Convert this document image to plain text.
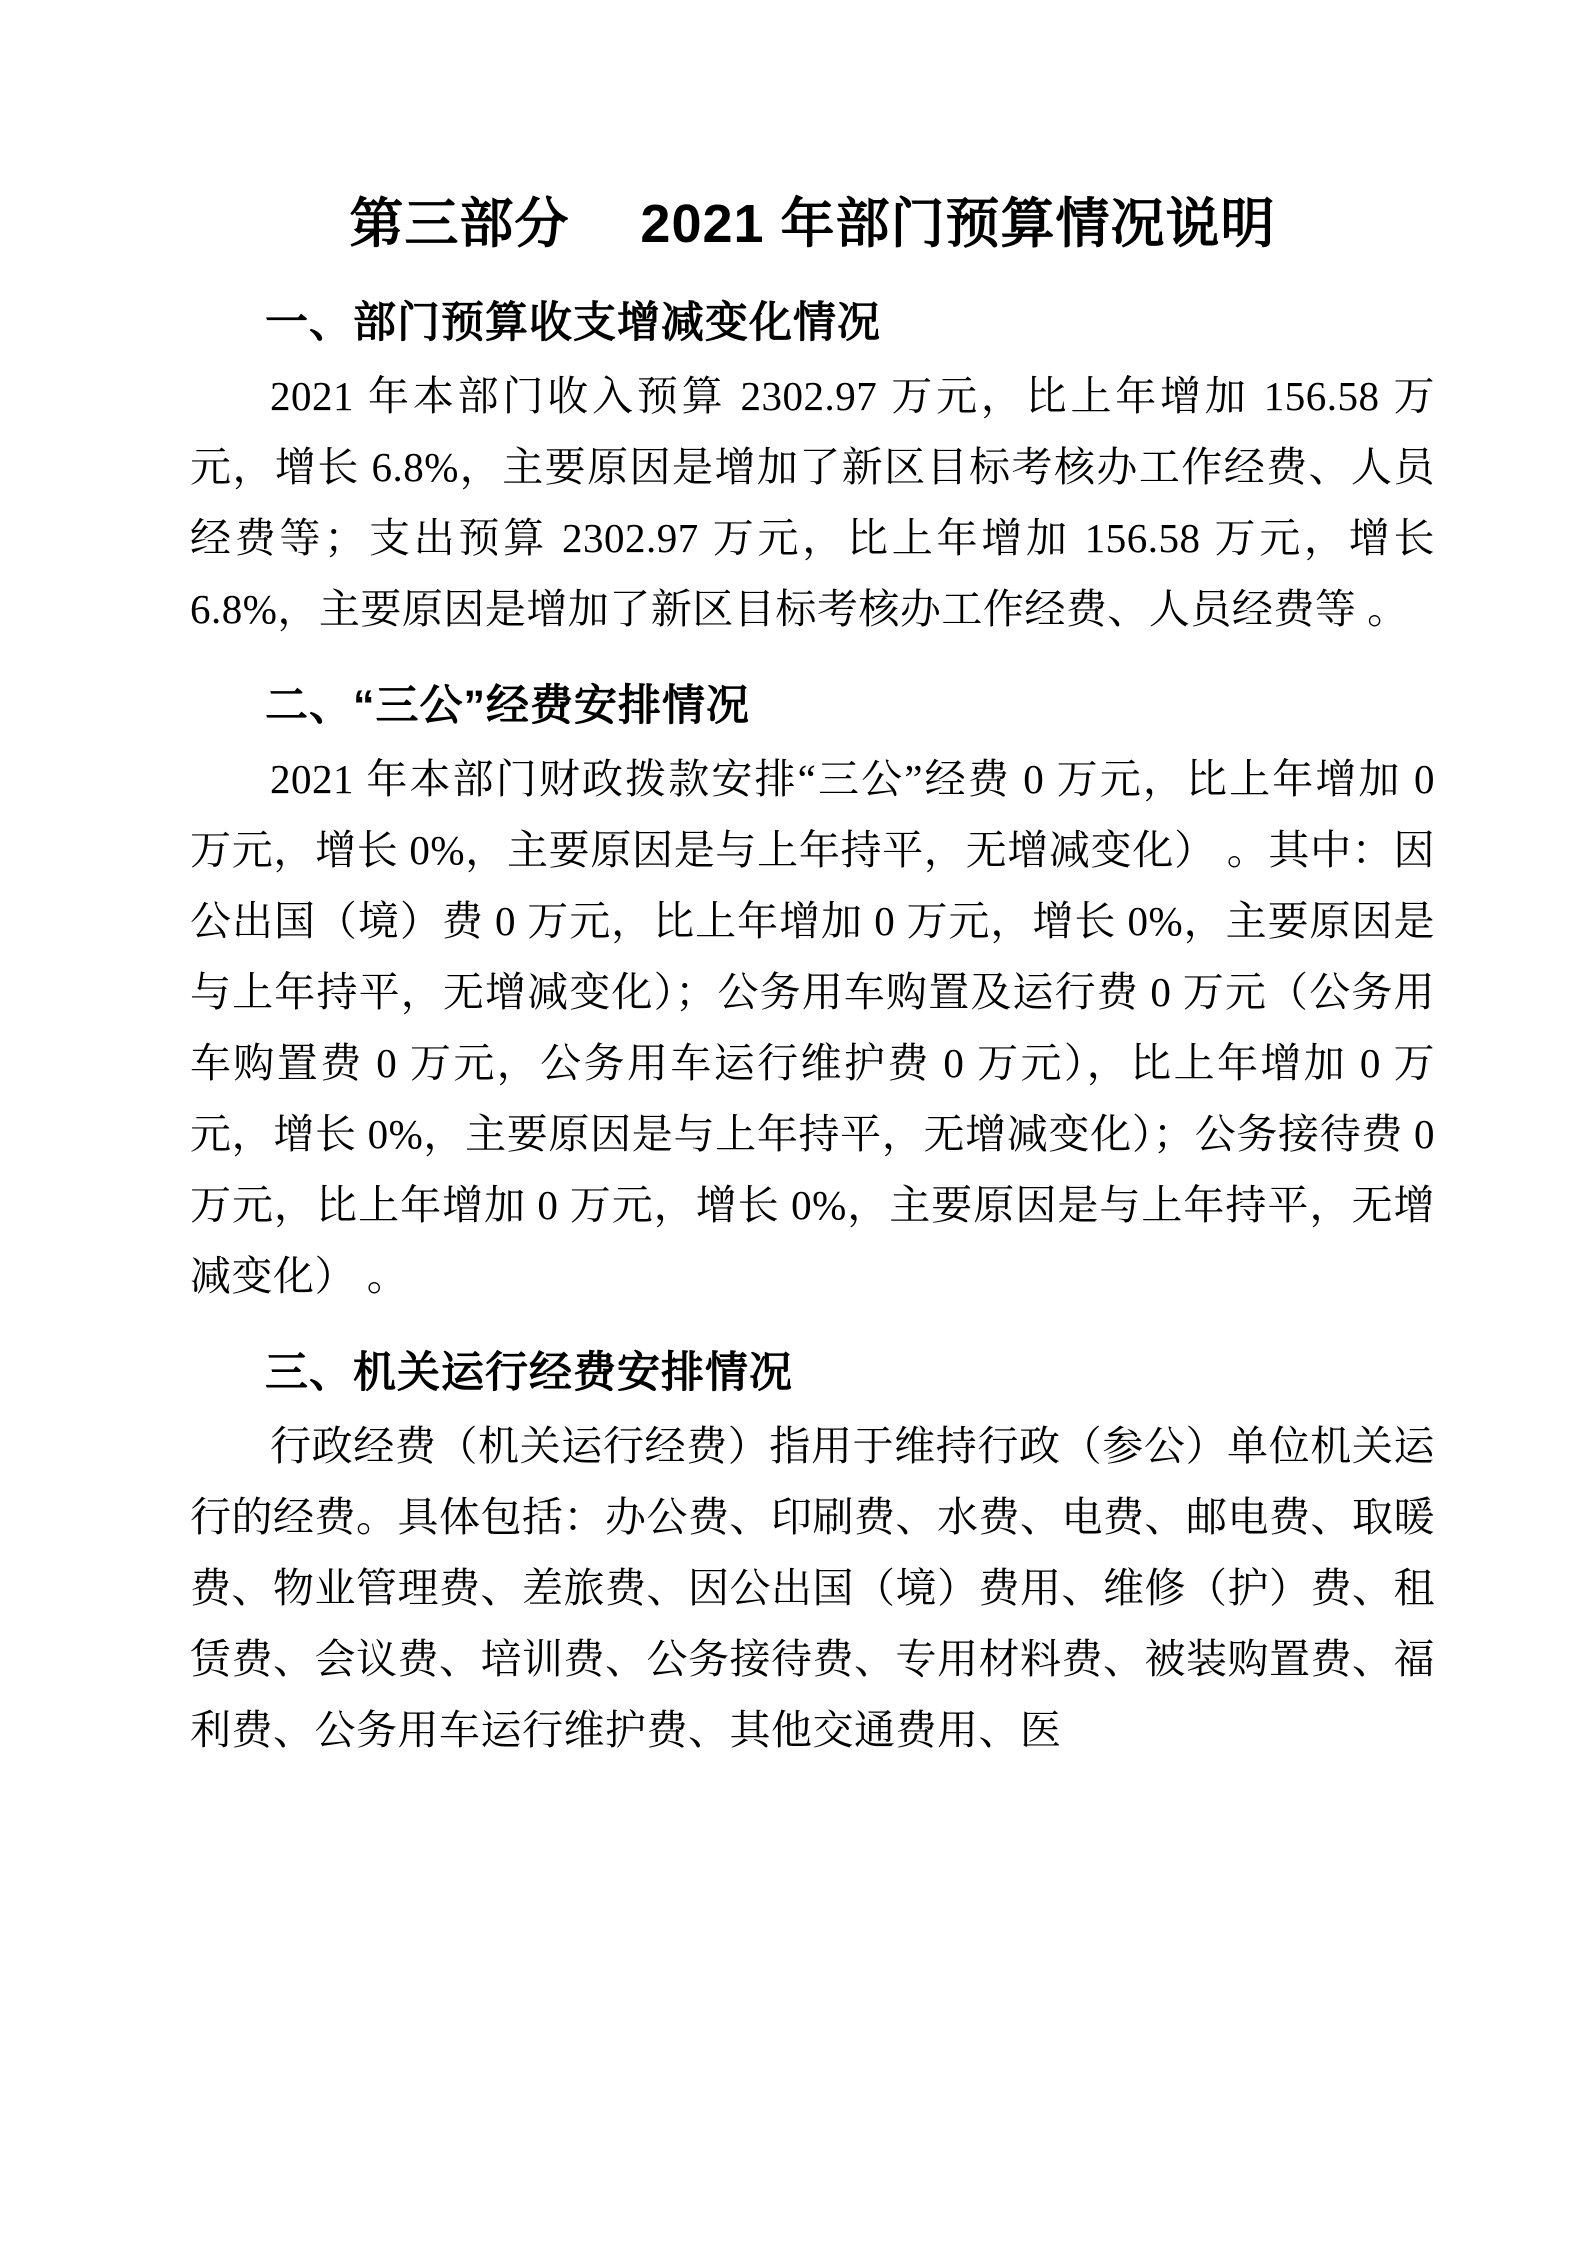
第三部分　 2021 年部门预算情况说明
一、部门预算收支增减变化情况

2021 年本部门收入预算 2302.97 万元，比上年增加 156.58 万元，增长 6.8%，主要原因是增加了新区目标考核办工作经费、人员经费等；支出预算 2302.97 万元，比上年增加 156.58 万元，增长 6.8%，主要原因是增加了新区目标考核办工作经费、人员经费等 。

二、“三公”经费安排情况

2021 年本部门财政拨款安排“三公”经费 0 万元，比上年增加 0 万元，增长 0%，主要原因是与上年持平，无增减变化） 。其中：因公出国（境）费 0 万元，比上年增加 0 万元，增长 0%，主要原因是与上年持平，无增减变化）；公务用车购置及运行费 0 万元（公务用车购置费 0 万元，公务用车运行维护费 0 万元），比上年增加 0 万元，增长 0%，主要原因是与上年持平，无增减变化）；公务接待费 0 万元，比上年增加 0 万元，增长 0%，主要原因是与上年持平，无增减变化） 。

三、机关运行经费安排情况

行政经费（机关运行经费）指用于维持行政（参公）单位机关运行的经费。具体包括：办公费、印刷费、水费、电费、邮电费、取暖费、物业管理费、差旅费、因公出国（境）费用、维修（护）费、租赁费、会议费、培训费、公务接待费、专用材料费、被装购置费、福利费、公务用车运行维护费、其他交通费用、医
